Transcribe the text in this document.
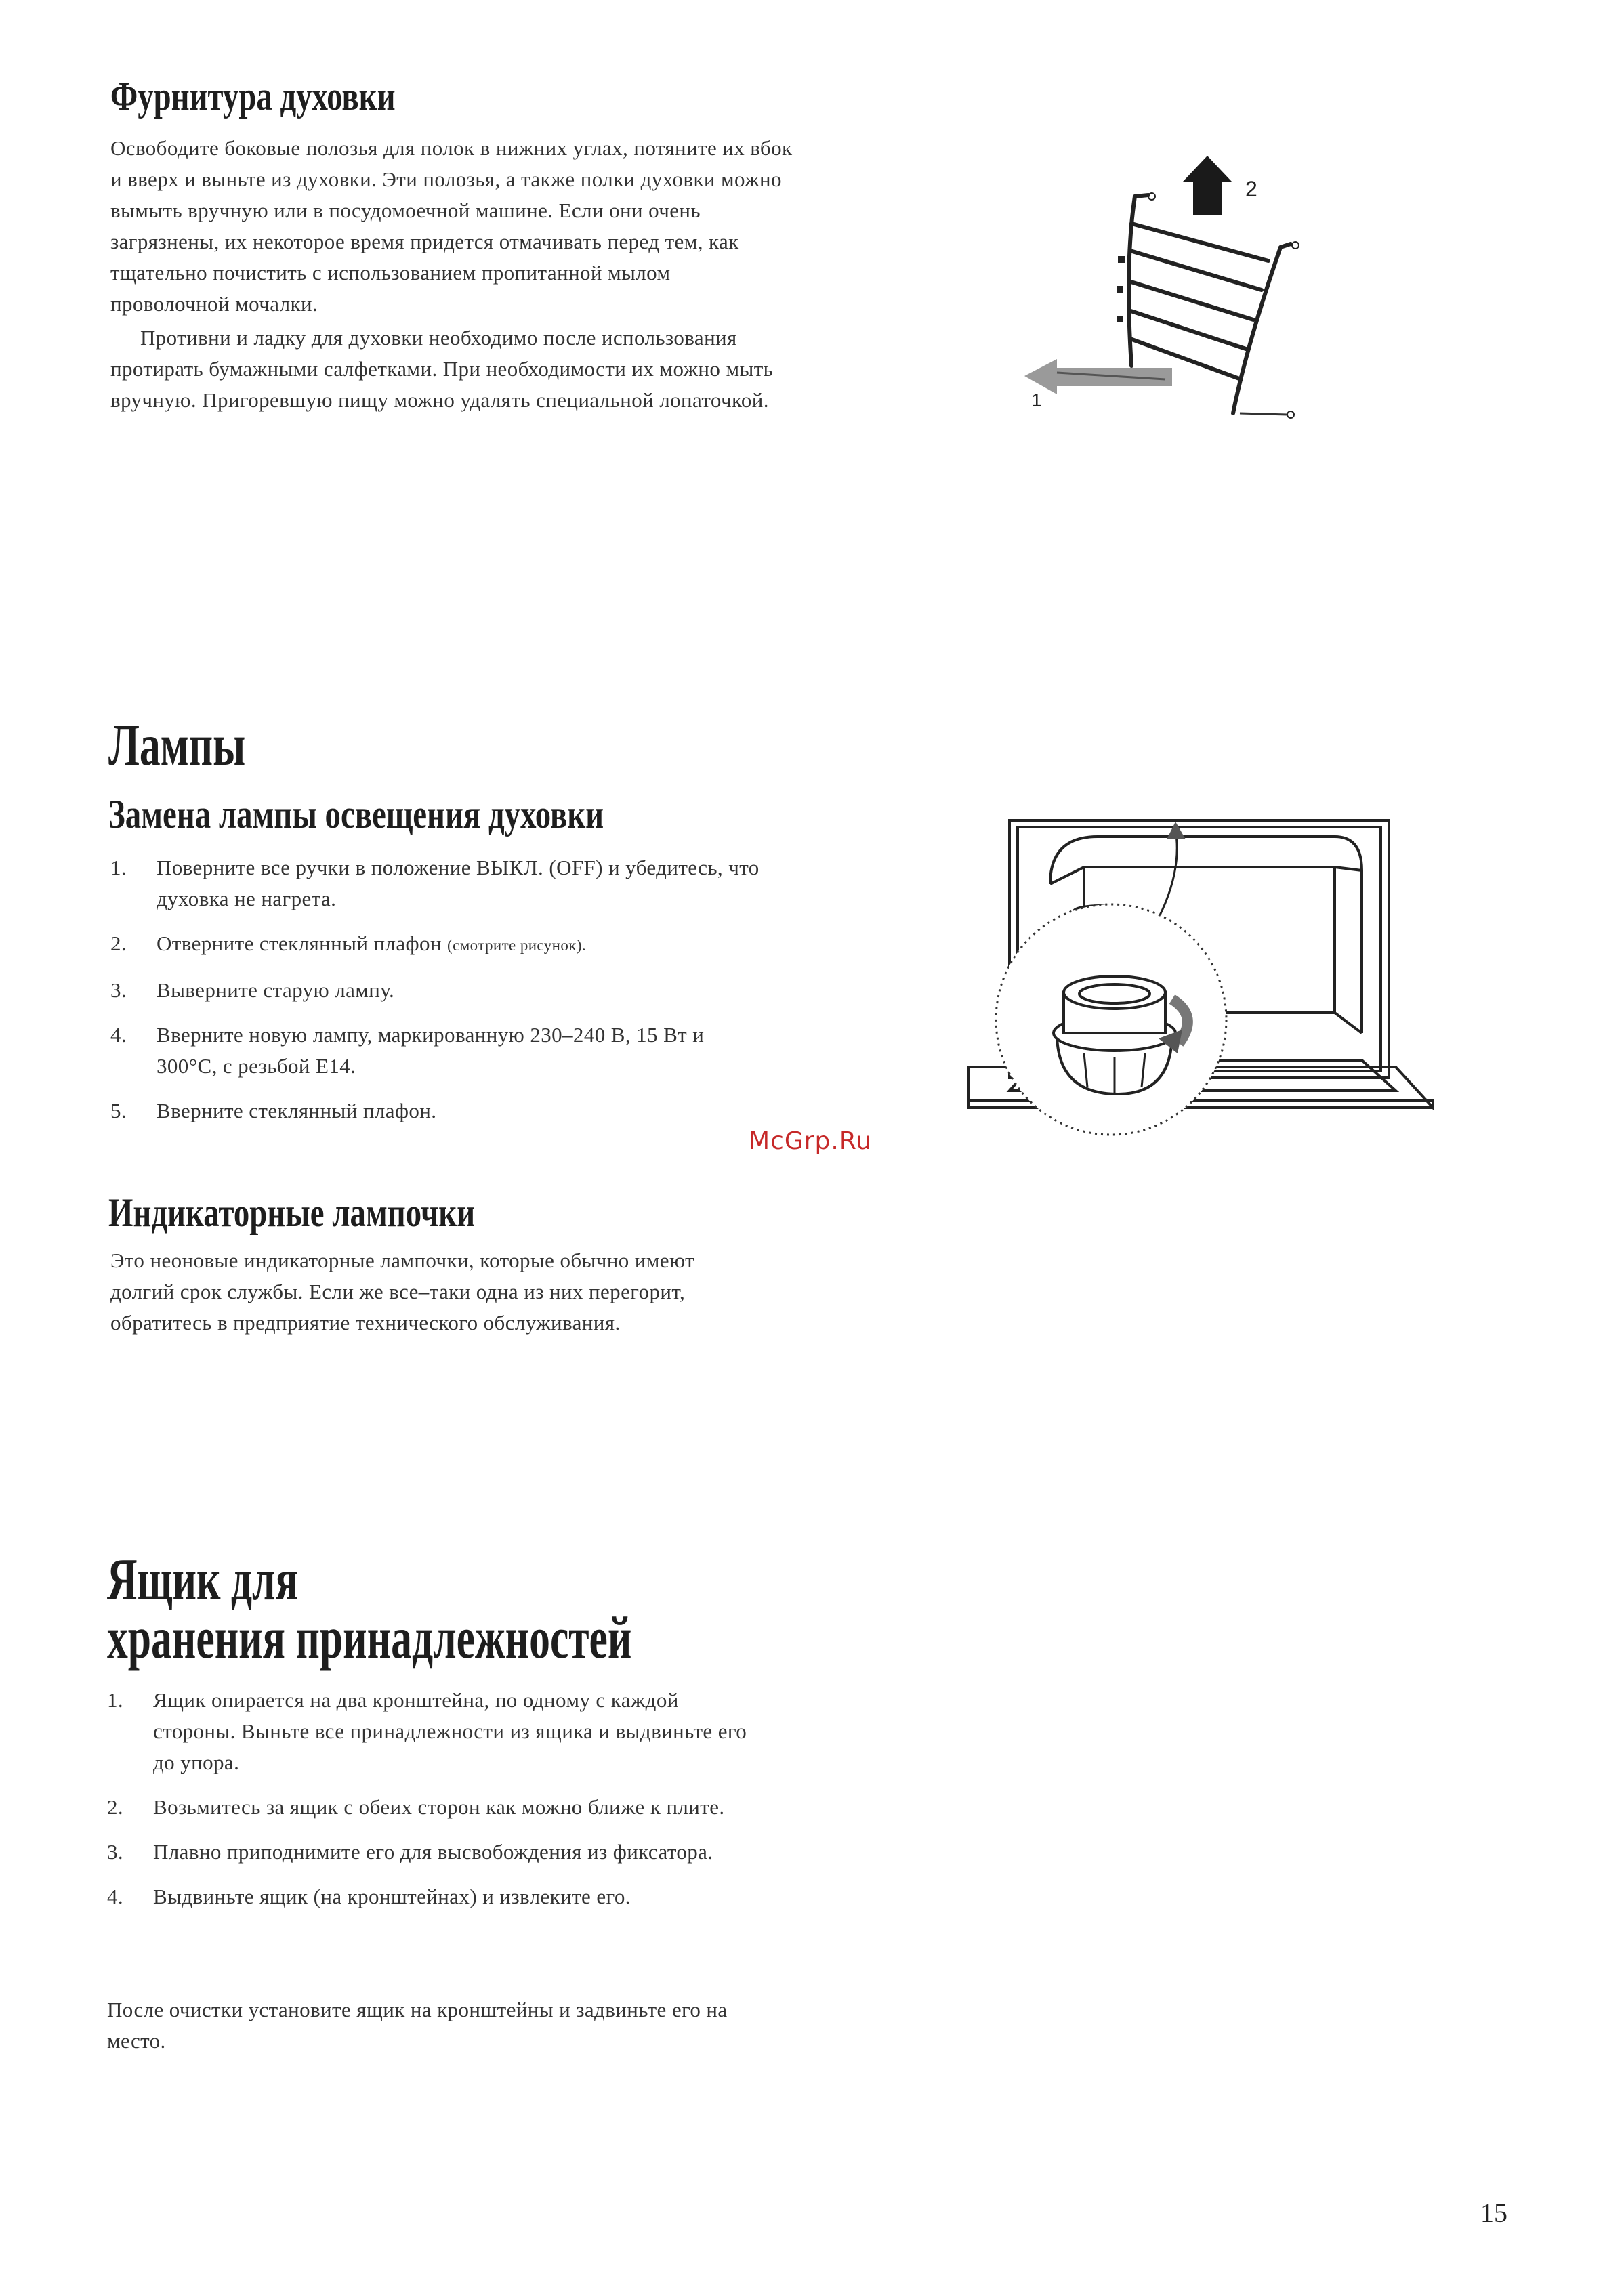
Фурнитура духовки

Освободите боковые полозья для полок в нижних углах, потяните их вбок и вверх и выньте из духовки. Эти полозья, а также полки духовки можно вымыть вручную или в посудомоечной машине. Если они очень загрязнены, их некоторое время придется отмачивать перед тем, как тщательно почистить с использованием пропитанной мылом проволочной мочалки.

Противни и ладку для духовки необходимо после использования протирать бумажными салфетками. При необходимости их можно мыть вручную. Пригоревшую пищу можно удалять специальной лопаточкой.

2
1
Лампы
Замена лампы освещения духовки
1. Поверните все ручки в положение ВЫКЛ. (OFF) и убедитесь, что духовка не нагрета.
2. Отверните стеклянный плафон (смотрите рисунок).
3. Выверните старую лампу.
4. Вверните новую лампу, маркированную 230–240 В, 15 Вт и 300°С, с резьбой Е14.
5. Вверните стеклянный плафон.
McGrp.Ru
Индикаторные лампочки

Это неоновые индикаторные лампочки, которые обычно имеют долгий срок службы. Если же все–таки одна из них перегорит, обратитесь в предприятие технического обслуживания.

Ящик для
хранения принадлежностей
1. Ящик опирается на два кронштейна, по одному с каждой стороны. Выньте все принадлежности из ящика и выдвиньте его до упора.
2. Возьмитесь за ящик с обеих сторон как можно ближе к плите.
3. Плавно приподнимите его для высвобождения из фиксатора.
4. Выдвиньте ящик (на кронштейнах) и извлеките его.

После очистки установите ящик на кронштейны и задвиньте его на место.

15
